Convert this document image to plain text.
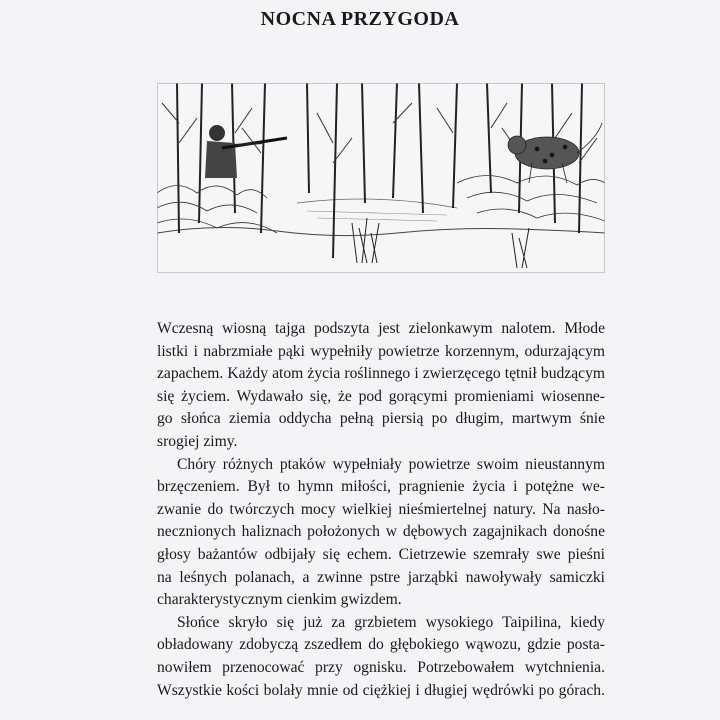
NOCNA PRZYGODA

Wczesną wiosną tajga podszyta jest zielonkawym nalotem. Młode
listki i nabrzmiałe pąki wypełniły powietrze korzennym, odurzającym
zapachem. Każdy atom życia roślinnego i zwierzęcego tętnił budzącym
się życiem. Wydawało się, że pod gorącymi promieniami wiosenne-
go słońca ziemia oddycha pełną piersią po długim, martwym śnie
srogiej zimy.

Chóry różnych ptaków wypełniały powietrze swoim nieustannym
brzęczeniem. Był to hymn miłości, pragnienie życia i potężne we-
zwanie do twórczych mocy wielkiej nieśmiertelnej natury. Na nasło-
necznionych haliznach położonych w dębowych zagajnikach donośne
głosy bażantów odbijały się echem. Cietrzewie szemrały swe pieśni
na leśnych polanach, a zwinne pstre jarząbki nawoływały samiczki
charakterystycznym cienkim gwizdem.

Słońce skryło się już za grzbietem wysokiego Taipilina, kiedy
obładowany zdobyczą zszedłem do głębokiego wąwozu, gdzie posta-
nowiłem przenocować przy ognisku. Potrzebowałem wytchnienia.
Wszystkie kości bolały mnie od ciężkiej i długiej wędrówki po górach.
